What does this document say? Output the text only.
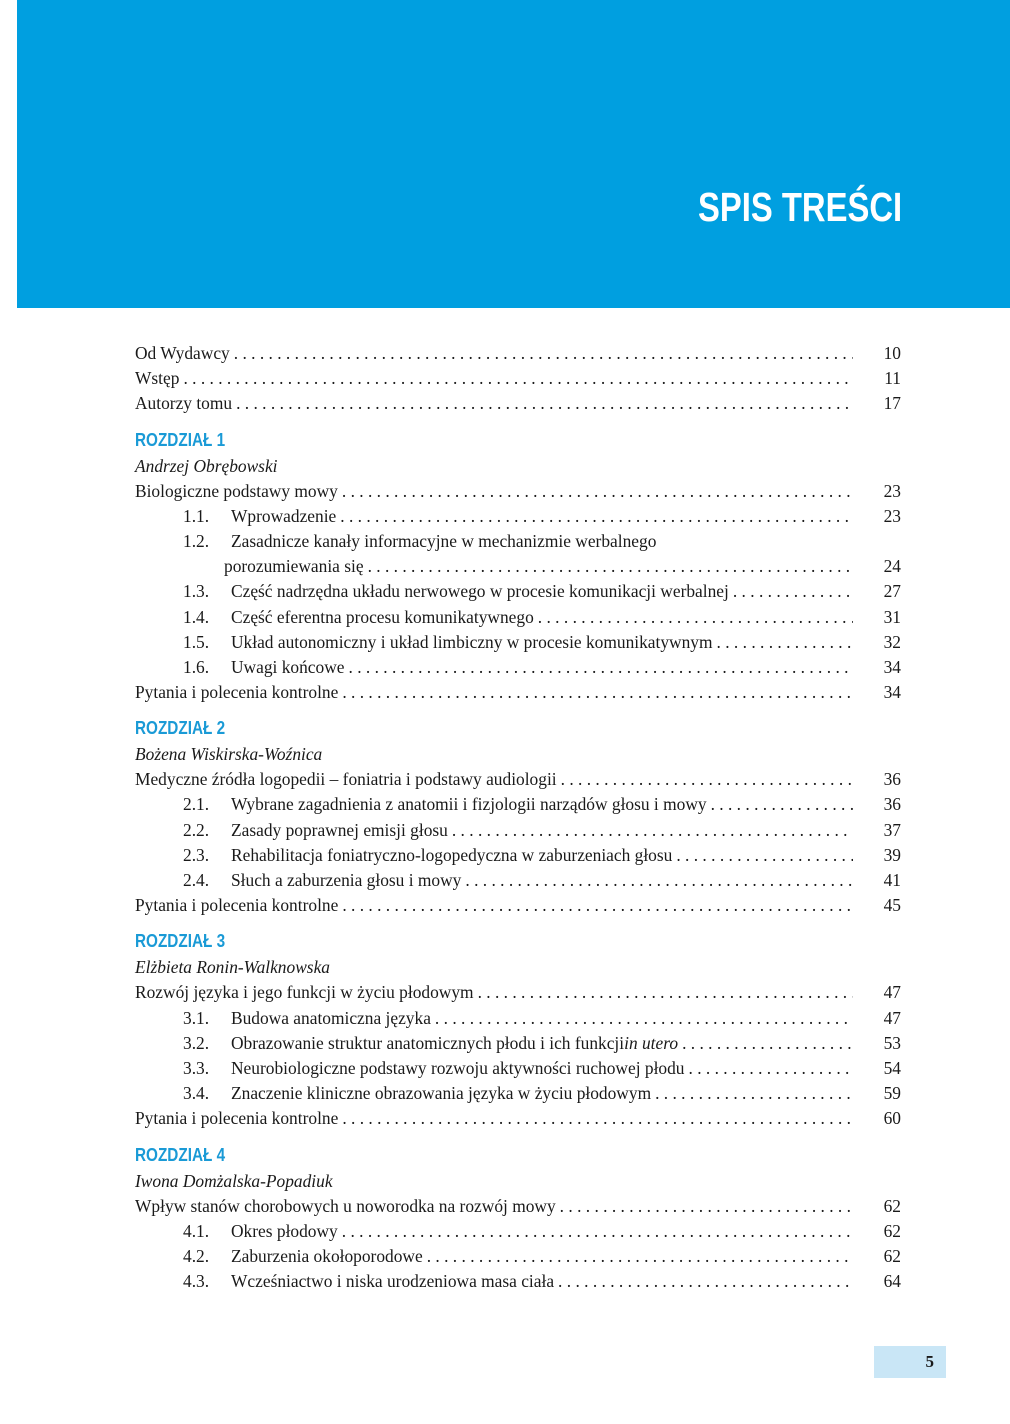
SPIS TREŚCI
Od Wydawcy . . .	10
Wstęp . . .	11
Autorzy tomu . . .	17
ROZDZIAŁ 1
Andrzej Obrębowski
Biologiczne podstawy mowy . . .	23
1.1.	Wprowadzenie . . .	23
1.2.	Zasadnicze kanały informacyjne w mechanizmie werbalnego
porozumiewania się . . .	24
1.3.	Część nadrzędna układu nerwowego w procesie komunikacji werbalnej . . .	27
1.4.	Część eferentna procesu komunikatywnego . . .	31
1.5.	Układ autonomiczny i układ limbiczny w procesie komunikatywnym . . .	32
1.6.	Uwagi końcowe . . .	34
Pytania i polecenia kontrolne . . .	34
ROZDZIAŁ 2
Bożena Wiskirska-Woźnica
Medyczne źródła logopedii – foniatria i podstawy audiologii . . .	36
2.1.	Wybrane zagadnienia z anatomii i fizjologii narządów głosu i mowy . . .	36
2.2.	Zasady poprawnej emisji głosu . . .	37
2.3.	Rehabilitacja foniatryczno-logopedyczna w zaburzeniach głosu . . .	39
2.4.	Słuch a zaburzenia głosu i mowy . . .	41
Pytania i polecenia kontrolne . . .	45
ROZDZIAŁ 3
Elżbieta Ronin-Walknowska
Rozwój języka i jego funkcji w życiu płodowym . . .	47
3.1.	Budowa anatomiczna języka . . .	47
3.2.	Obrazowanie struktur anatomicznych płodu i ich funkcji in utero . . .	53
3.3.	Neurobiologiczne podstawy rozwoju aktywności ruchowej płodu . . .	54
3.4.	Znaczenie kliniczne obrazowania języka w życiu płodowym . . .	59
Pytania i polecenia kontrolne . . .	60
ROZDZIAŁ 4
Iwona Domżalska-Popadiuk
Wpływ stanów chorobowych u noworodka na rozwój mowy . . .	62
4.1.	Okres płodowy . . .	62
4.2.	Zaburzenia okołoporodowe . . .	62
4.3.	Wcześniactwo i niska urodzeniowa masa ciała . . .	64
5
